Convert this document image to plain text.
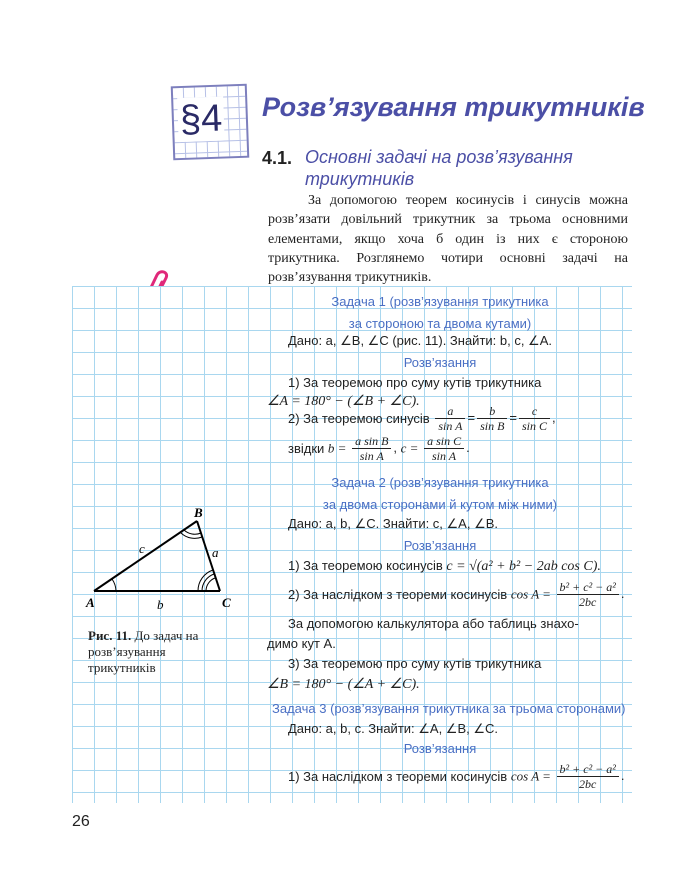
§4 Розв’язування трикутників
4.1. Основні задачі на розв’язування трикутників
За допомогою теорем косинусів і синусів можна розв’язати довільний трикутник за трьома основними елементами, якщо хоча б один із них є стороною трикутника. Розглянемо чотири основні задачі на розв’язування трикутників.
A
B
C
a
b
c
Рис. 11. До задач на розв’язування трикутників
Задача 1 (розв’язування трикутника
за стороною та двома кутами)
Дано: a, ∠B, ∠C (рис. 11). Знайти: b, c, ∠A.
Розв’язання
1) За теоремою про суму кутів трикутника
∠A = 180° − (∠B + ∠C).
2) За теоремою синусів $\frac{a}{\text{sin A}} = \frac{b}{\text{sin B}} = \frac{c}{\text{sin C}}$ ,
звідки $b = \frac{\text{a sin B}}{\text{sin A}}$ , $c = \frac{\text{a sin C}}{\text{sin A}}$ .
Задача 2 (розв’язування трикутника
за двома сторонами й кутом між ними)
Дано: a, b, ∠C. Знайти: c, ∠A, ∠B.
Розв’язання
1) За теоремою косинусів c = √(a² + b² − 2ab cos C).
2) За наслідком з теореми косинусів $\cos A = \frac{\text{b² + c² − a²}}{2bc}$ .
За допомогою калькулятора або таблиць знахо-
димо кут A.
3) За теоремою про суму кутів трикутника
∠B = 180° − (∠A + ∠C).
Задача 3 (розв’язування трикутника за трьома сторонами)
Дано: a, b, c. Знайти: ∠A, ∠B, ∠C.
Розв’язання
1) За наслідком з теореми косинусів $\cos A = \frac{\text{b² + c² − a²}}{2bc}$ .
26
